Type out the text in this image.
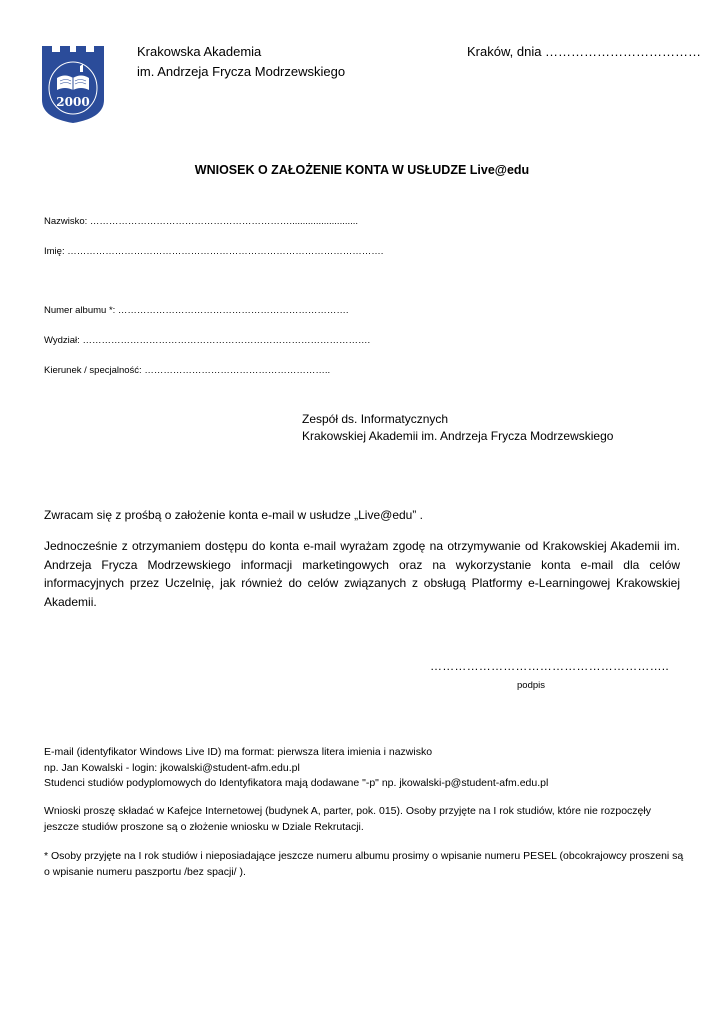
2000
Krakowska Akademia
im. Andrzeja Frycza Modrzewskiego
Kraków, dnia ………………………………
WNIOSEK O ZAŁOŻENIE KONTA W USŁUDZE Live@edu
Nazwisko: ………………………………………………………..........................
Imię: ……………………………………………………………………………………….
Numer albumu *: ……………………………………………………………….
Wydział: ……………………………………………………………………………….
Kierunek / specjalność: …………………………………………………..
Zespół ds. Informatycznych
Krakowskiej Akademii im. Andrzeja Frycza Modrzewskiego
Zwracam się z prośbą o założenie konta e-mail w usłudze „Live@edu” .
Jednocześnie z otrzymaniem dostępu do konta e-mail wyrażam zgodę na otrzymywanie od Krakowskiej Akademii im. Andrzeja Frycza Modrzewskiego informacji marketingowych oraz na wykorzystanie konta e-mail dla celów informacyjnych przez Uczelnię, jak również do celów związanych z obsługą Platformy e-Learningowej Krakowskiej Akademii.
…………………………………………………..
podpis
E-mail (identyfikator Windows Live ID) ma format: pierwsza litera imienia i nazwisko
np. Jan Kowalski - login: jkowalski@student-afm.edu.pl
Studenci studiów podyplomowych do Identyfikatora mają dodawane "-p" np. jkowalski-p@student-afm.edu.pl
Wnioski proszę składać w Kafejce Internetowej (budynek A, parter, pok. 015). Osoby przyjęte na I rok studiów, które nie rozpoczęły jeszcze studiów proszone są o złożenie wniosku w Dziale Rekrutacji.
* Osoby przyjęte na I rok studiów i nieposiadające jeszcze numeru albumu prosimy o wpisanie numeru PESEL (obcokrajowcy proszeni są o wpisanie numeru paszportu /bez spacji/ ).
